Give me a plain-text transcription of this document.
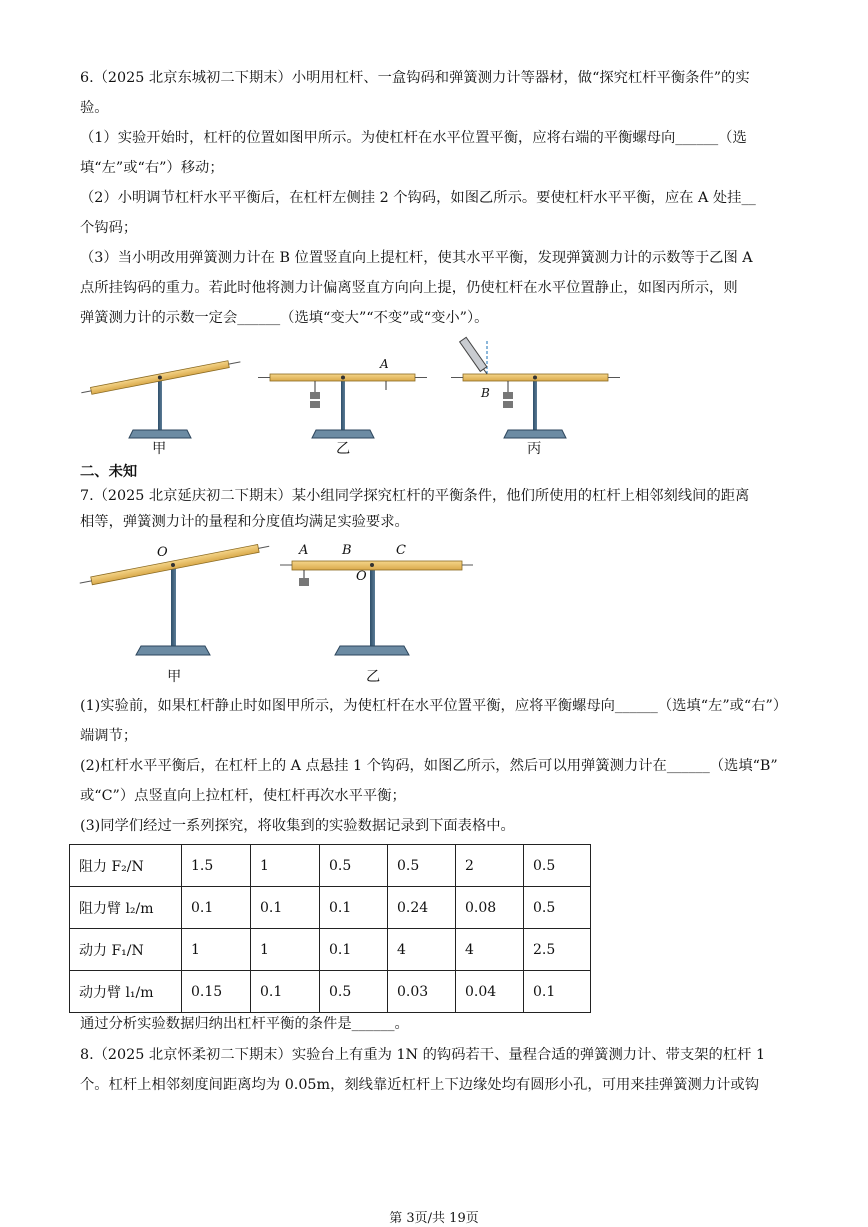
6.（2025 北京东城初二下期末）小明用杠杆、一盒钩码和弹簧测力计等器材，做“探究杠杆平衡条件”的实
验。
（1）实验开始时，杠杆的位置如图甲所示。为使杠杆在水平位置平衡，应将右端的平衡螺母向______（选
填“左”或“右”）移动；
（2）小明调节杠杆水平平衡后，在杠杆左侧挂 2 个钩码，如图乙所示。要使杠杆水平平衡，应在 A 处挂__
个钩码；
（3）当小明改用弹簧测力计在 B 位置竖直向上提杠杆，使其水平平衡，发现弹簧测力计的示数等于乙图 A
点所挂钩码的重力。若此时他将测力计偏离竖直方向向上提，仍使杠杆在水平位置静止，如图丙所示，则
弹簧测力计的示数一定会______（选填“变大”“不变”或“变小”）。
甲	乙	丙
A
B
二、未知
7.（2025 北京延庆初二下期末）某小组同学探究杠杆的平衡条件，他们所使用的杠杆上相邻刻线间的距离
相等，弹簧测力计的量程和分度值均满足实验要求。
O	A	B	C
O
甲	乙
(1)实验前，如果杠杆静止时如图甲所示，为使杠杆在水平位置平衡，应将平衡螺母向______（选填“左”或“右”）
端调节；
(2)杠杆水平平衡后，在杠杆上的 A 点悬挂 1 个钩码，如图乙所示，然后可以用弹簧测力计在______（选填“B”
或“C”）点竖直向上拉杠杆，使杠杆再次水平平衡；
(3)同学们经过一系列探究，将收集到的实验数据记录到下面表格中。
阻力 F₂/N	1.5	1	0.5	0.5	2	0.5
阻力臂 l₂/m	0.1	0.1	0.1	0.24	0.08	0.5
动力 F₁/N	1	1	0.1	4	4	2.5
动力臂 l₁/m	0.15	0.1	0.5	0.03	0.04	0.1
通过分析实验数据归纳出杠杆平衡的条件是______。
8.（2025 北京怀柔初二下期末）实验台上有重为 1N 的钩码若干、量程合适的弹簧测力计、带支架的杠杆 1
个。杠杆上相邻刻度间距离均为 0.05m，刻线靠近杠杆上下边缘处均有圆形小孔，可用来挂弹簧测力计或钩
第 3页/共 19页
